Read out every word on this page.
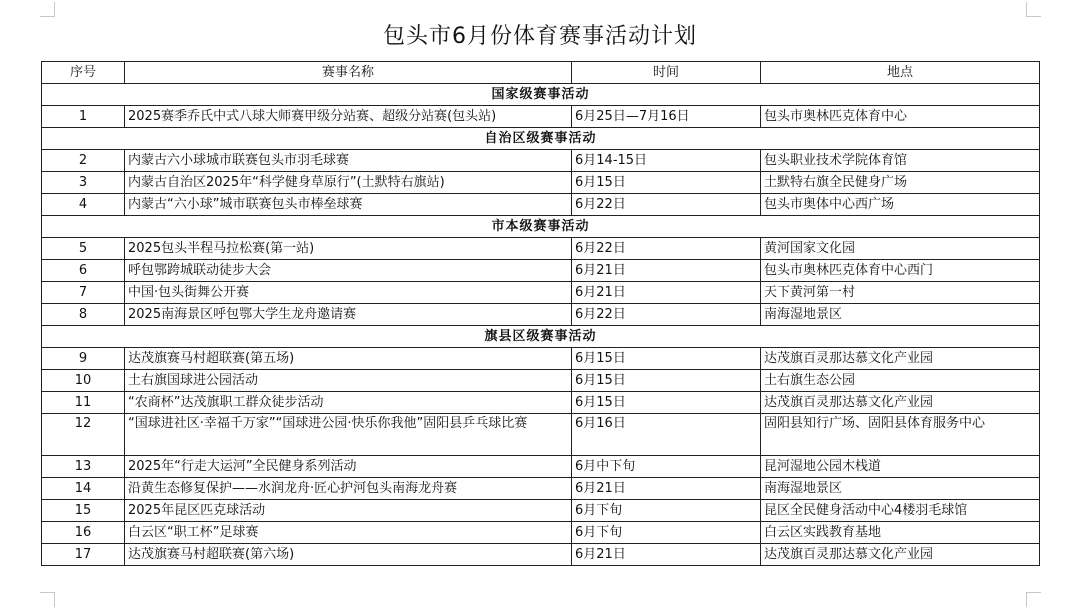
包头市6月份体育赛事活动计划
序号	赛事名称	时间	地点
国家级赛事活动			
1	2025赛季乔氏中式八球大师赛甲级分站赛、超级分站赛(包头站)	6月25日—7月16日	包头市奥林匹克体育中心
自治区级赛事活动			
2	内蒙古六小球城市联赛包头市羽毛球赛	6月14-15日	包头职业技术学院体育馆
3	内蒙古自治区2025年“科学健身草原行”(土默特右旗站)	6月15日	土默特右旗全民健身广场
4	内蒙古“六小球”城市联赛包头市棒垒球赛	6月22日	包头市奥体中心西广场
市本级赛事活动			
5	2025包头半程马拉松赛(第一站)	6月22日	黄河国家文化园
6	呼包鄂跨城联动徒步大会	6月21日	包头市奥林匹克体育中心西门
7	中国·包头街舞公开赛	6月21日	天下黄河第一村
8	2025南海景区呼包鄂大学生龙舟邀请赛	6月22日	南海湿地景区
旗县区级赛事活动			
9	达茂旗赛马村超联赛(第五场)	6月15日	达茂旗百灵那达慕文化产业园
10	土右旗国球进公园活动	6月15日	土右旗生态公园
11	“农商杯”达茂旗职工群众徒步活动	6月15日	达茂旗百灵那达慕文化产业园
12	“国球进社区·幸福千万家”“国球进公园·快乐你我他”固阳县乒乓球比赛	6月16日	固阳县知行广场、固阳县体育服务中心
13	2025年“行走大运河”全民健身系列活动	6月中下旬	昆河湿地公园木栈道
14	沿黄生态修复保护——水润龙舟·匠心护河包头南海龙舟赛	6月21日	南海湿地景区
15	2025年昆区匹克球活动	6月下旬	昆区全民健身活动中心4楼羽毛球馆
16	白云区“职工杯”足球赛	6月下旬	白云区实践教育基地
17	达茂旗赛马村超联赛(第六场)	6月21日	达茂旗百灵那达慕文化产业园
